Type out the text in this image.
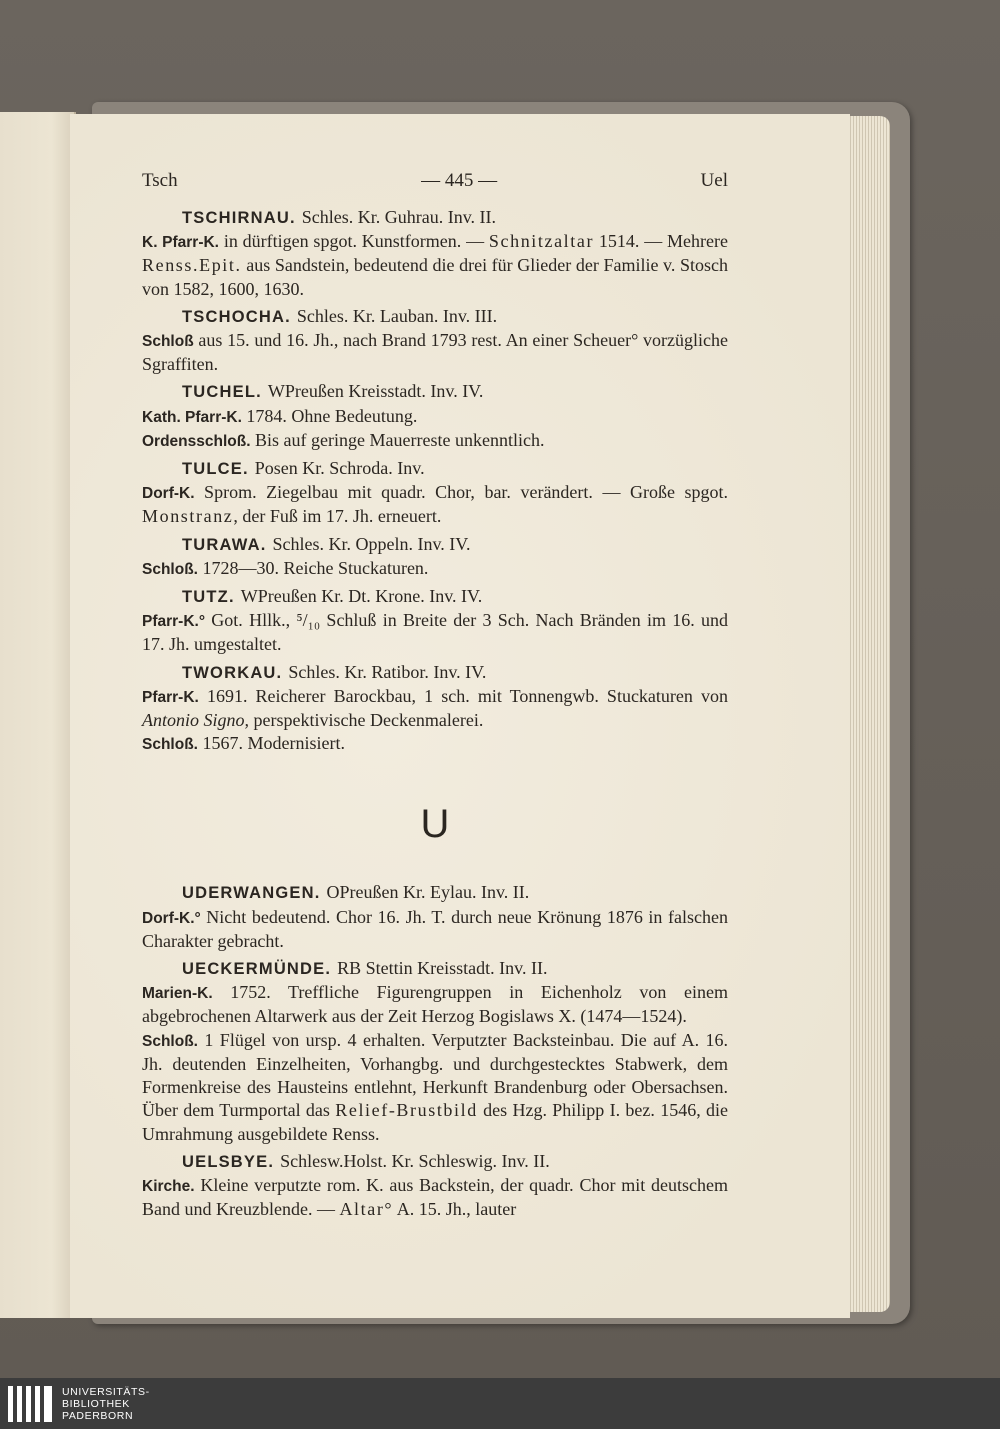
Tsch	— 445 —	Uel

TSCHIRNAU. Schles. Kr. Guhrau. Inv. II.

K. Pfarr-K. in dürftigen spgot. Kunstformen. — Schnitzaltar 1514. — Mehrere Renss.Epit. aus Sandstein, bedeutend die drei für Glieder der Familie v. Stosch von 1582, 1600, 1630.

TSCHOCHA. Schles. Kr. Lauban. Inv. III.

Schloß aus 15. und 16. Jh., nach Brand 1793 rest. An einer Scheuer° vorzügliche Sgraffiten.

TUCHEL. WPreußen Kreisstadt. Inv. IV.

Kath. Pfarr-K. 1784. Ohne Bedeutung.

Ordensschloß. Bis auf geringe Mauerreste unkenntlich.

TULCE. Posen Kr. Schroda. Inv.

Dorf-K. Sprom. Ziegelbau mit quadr. Chor, bar. verändert. — Große spgot. Monstranz, der Fuß im 17. Jh. erneuert.

TURAWA. Schles. Kr. Oppeln. Inv. IV.

Schloß. 1728—30. Reiche Stuckaturen.

TUTZ. WPreußen Kr. Dt. Krone. Inv. IV.

Pfarr-K.° Got. Hllk., ⁵/₁₀ Schluß in Breite der 3 Sch. Nach Bränden im 16. und 17. Jh. umgestaltet.

TWORKAU. Schles. Kr. Ratibor. Inv. IV.

Pfarr-K. 1691. Reicherer Barockbau, 1 sch. mit Tonnengwb. Stuckaturen von Antonio Signo, perspektivische Deckenmalerei.

Schloß. 1567. Modernisiert.

U

UDERWANGEN. OPreußen Kr. Eylau. Inv. II.

Dorf-K.° Nicht bedeutend. Chor 16. Jh. T. durch neue Krönung 1876 in falschen Charakter gebracht.

UECKERMÜNDE. RB Stettin Kreisstadt. Inv. II.

Marien-K. 1752. Treffliche Figurengruppen in Eichenholz von einem abgebrochenen Altarwerk aus der Zeit Herzog Bogislaws X. (1474—1524).

Schloß. 1 Flügel von ursp. 4 erhalten. Verputzter Backsteinbau. Die auf A. 16. Jh. deutenden Einzelheiten, Vorhangbg. und durchgestecktes Stabwerk, dem Formenkreise des Hausteins entlehnt, Herkunft Brandenburg oder Obersachsen. Über dem Turmportal das Relief-Brustbild des Hzg. Philipp I. bez. 1546, die Umrahmung ausgebildete Renss.

UELSBYE. Schlesw.Holst. Kr. Schleswig. Inv. II.

Kirche. Kleine verputzte rom. K. aus Backstein, der quadr. Chor mit deutschem Band und Kreuzblende. — Altar° A. 15. Jh., lauter

UNIVERSITÄTS-
BIBLIOTHEK
PADERBORN
